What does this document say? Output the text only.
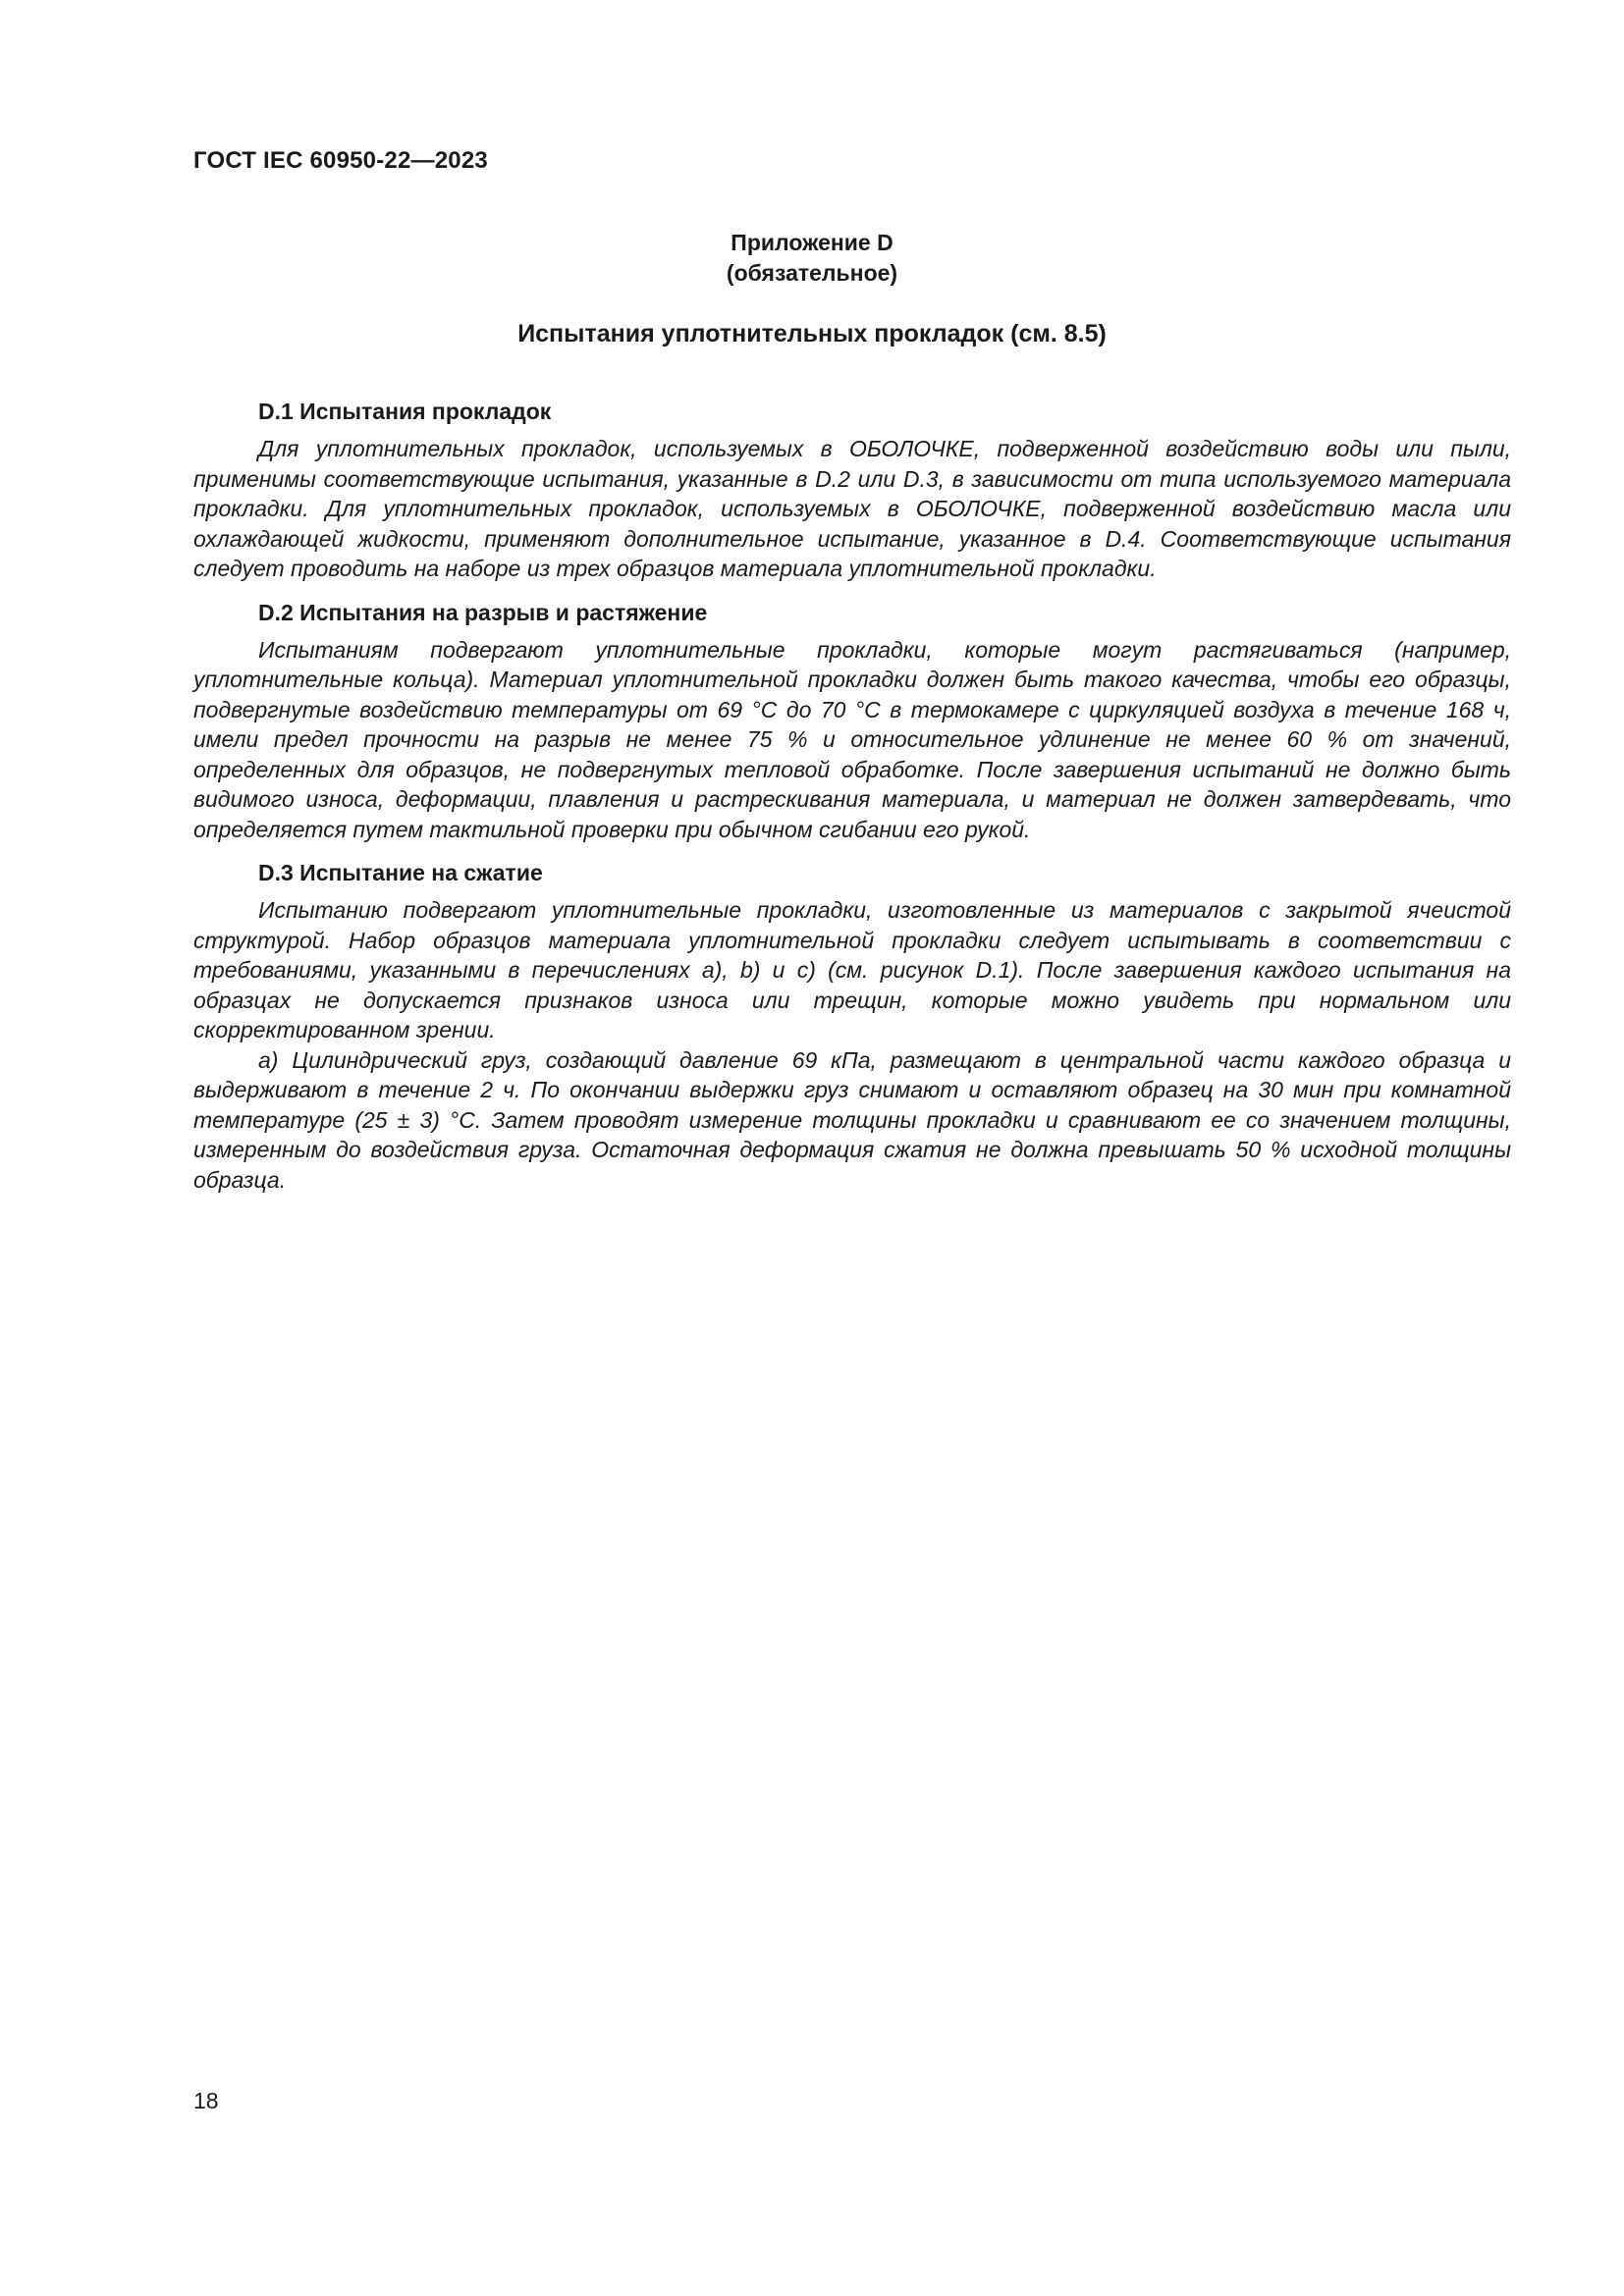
ГОСТ IEC 60950-22—2023
Приложение D
(обязательное)
Испытания уплотнительных прокладок (см. 8.5)
D.1 Испытания прокладок

Для уплотнительных прокладок, используемых в ОБОЛОЧКЕ, подверженной воздействию воды или пыли, применимы соответствующие испытания, указанные в D.2 или D.3, в зависимости от типа используемого материала прокладки. Для уплотнительных прокладок, используемых в ОБОЛОЧКЕ, подверженной воздействию масла или охлаждающей жидкости, применяют дополнительное испытание, указанное в D.4. Соответствующие испытания следует проводить на наборе из трех образцов материала уплотнительной прокладки.

D.2 Испытания на разрыв и растяжение

Испытаниям подвергают уплотнительные прокладки, которые могут растягиваться (например, уплотнительные кольца). Материал уплотнительной прокладки должен быть такого качества, чтобы его образцы, подвергнутые воздействию температуры от 69 °С до 70 °С в термокамере с циркуляцией воздуха в течение 168 ч, имели предел прочности на разрыв не менее 75 % и относительное удлинение не менее 60 % от значений, определенных для образцов, не подвергнутых тепловой обработке. После завершения испытаний не должно быть видимого износа, деформации, плавления и растрескивания материала, и материал не должен затвердевать, что определяется путем тактильной проверки при обычном сгибании его рукой.

D.3 Испытание на сжатие

Испытанию подвергают уплотнительные прокладки, изготовленные из материалов с закрытой ячеистой структурой. Набор образцов материала уплотнительной прокладки следует испытывать в соответствии с требованиями, указанными в перечислениях а), b) и с) (см. рисунок D.1). После завершения каждого испытания на образцах не допускается признаков износа или трещин, которые можно увидеть при нормальном или скорректированном зрении.

а) Цилиндрический груз, создающий давление 69 кПа, размещают в центральной части каждого образца и выдерживают в течение 2 ч. По окончании выдержки груз снимают и оставляют образец на 30 мин при комнатной температуре (25 ± 3) °С. Затем проводят измерение толщины прокладки и сравнивают ее со значением толщины, измеренным до воздействия груза. Остаточная деформация сжатия не должна превышать 50 % исходной толщины образца.

18
